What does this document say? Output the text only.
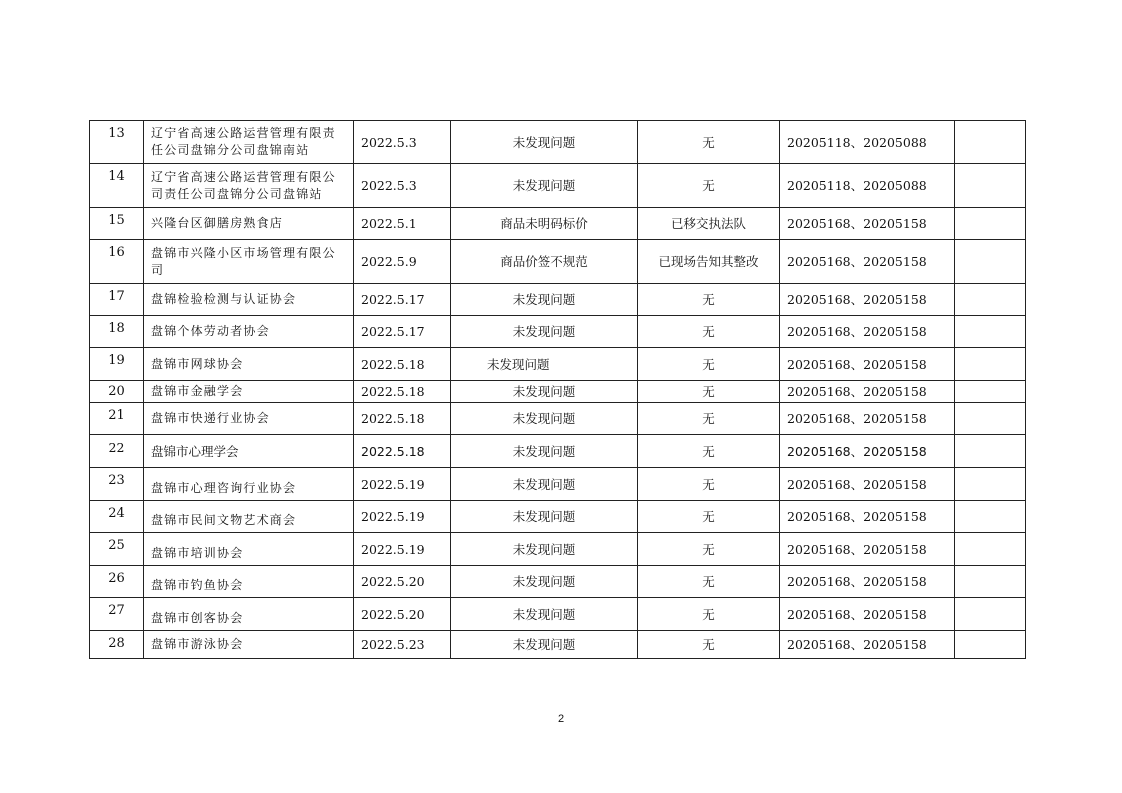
13	辽宁省高速公路运营管理有限责任公司盘锦分公司盘锦南站	2022.5.3	未发现问题	无	20205118、20205088	
14	辽宁省高速公路运营管理有限公司责任公司盘锦分公司盘锦站	2022.5.3	未发现问题	无	20205118、20205088	
15	兴隆台区御膳房熟食店	2022.5.1	商品未明码标价	已移交执法队	20205168、20205158	
16	盘锦市兴隆小区市场管理有限公司	2022.5.9	商品价签不规范	已现场告知其整改	20205168、20205158	
17	盘锦检验检测与认证协会	2022.5.17	未发现问题	无	20205168、20205158	
18	盘锦个体劳动者协会	2022.5.17	未发现问题	无	20205168、20205158	
19	盘锦市网球协会	2022.5.18	未发现问题	无	20205168、20205158	
20	盘锦市金融学会	2022.5.18	未发现问题	无	20205168、20205158	
21	盘锦市快递行业协会	2022.5.18	未发现问题	无	20205168、20205158	
22	盘锦市心理学会	2022.5.18	未发现问题	无	20205168、20205158	
23	盘锦市心理咨询行业协会	2022.5.19	未发现问题	无	20205168、20205158	
24	盘锦市民间文物艺术商会	2022.5.19	未发现问题	无	20205168、20205158	
25	盘锦市培训协会	2022.5.19	未发现问题	无	20205168、20205158	
26	盘锦市钓鱼协会	2022.5.20	未发现问题	无	20205168、20205158	
27	盘锦市创客协会	2022.5.20	未发现问题	无	20205168、20205158	
28	盘锦市游泳协会	2022.5.23	未发现问题	无	20205168、20205158	
2
